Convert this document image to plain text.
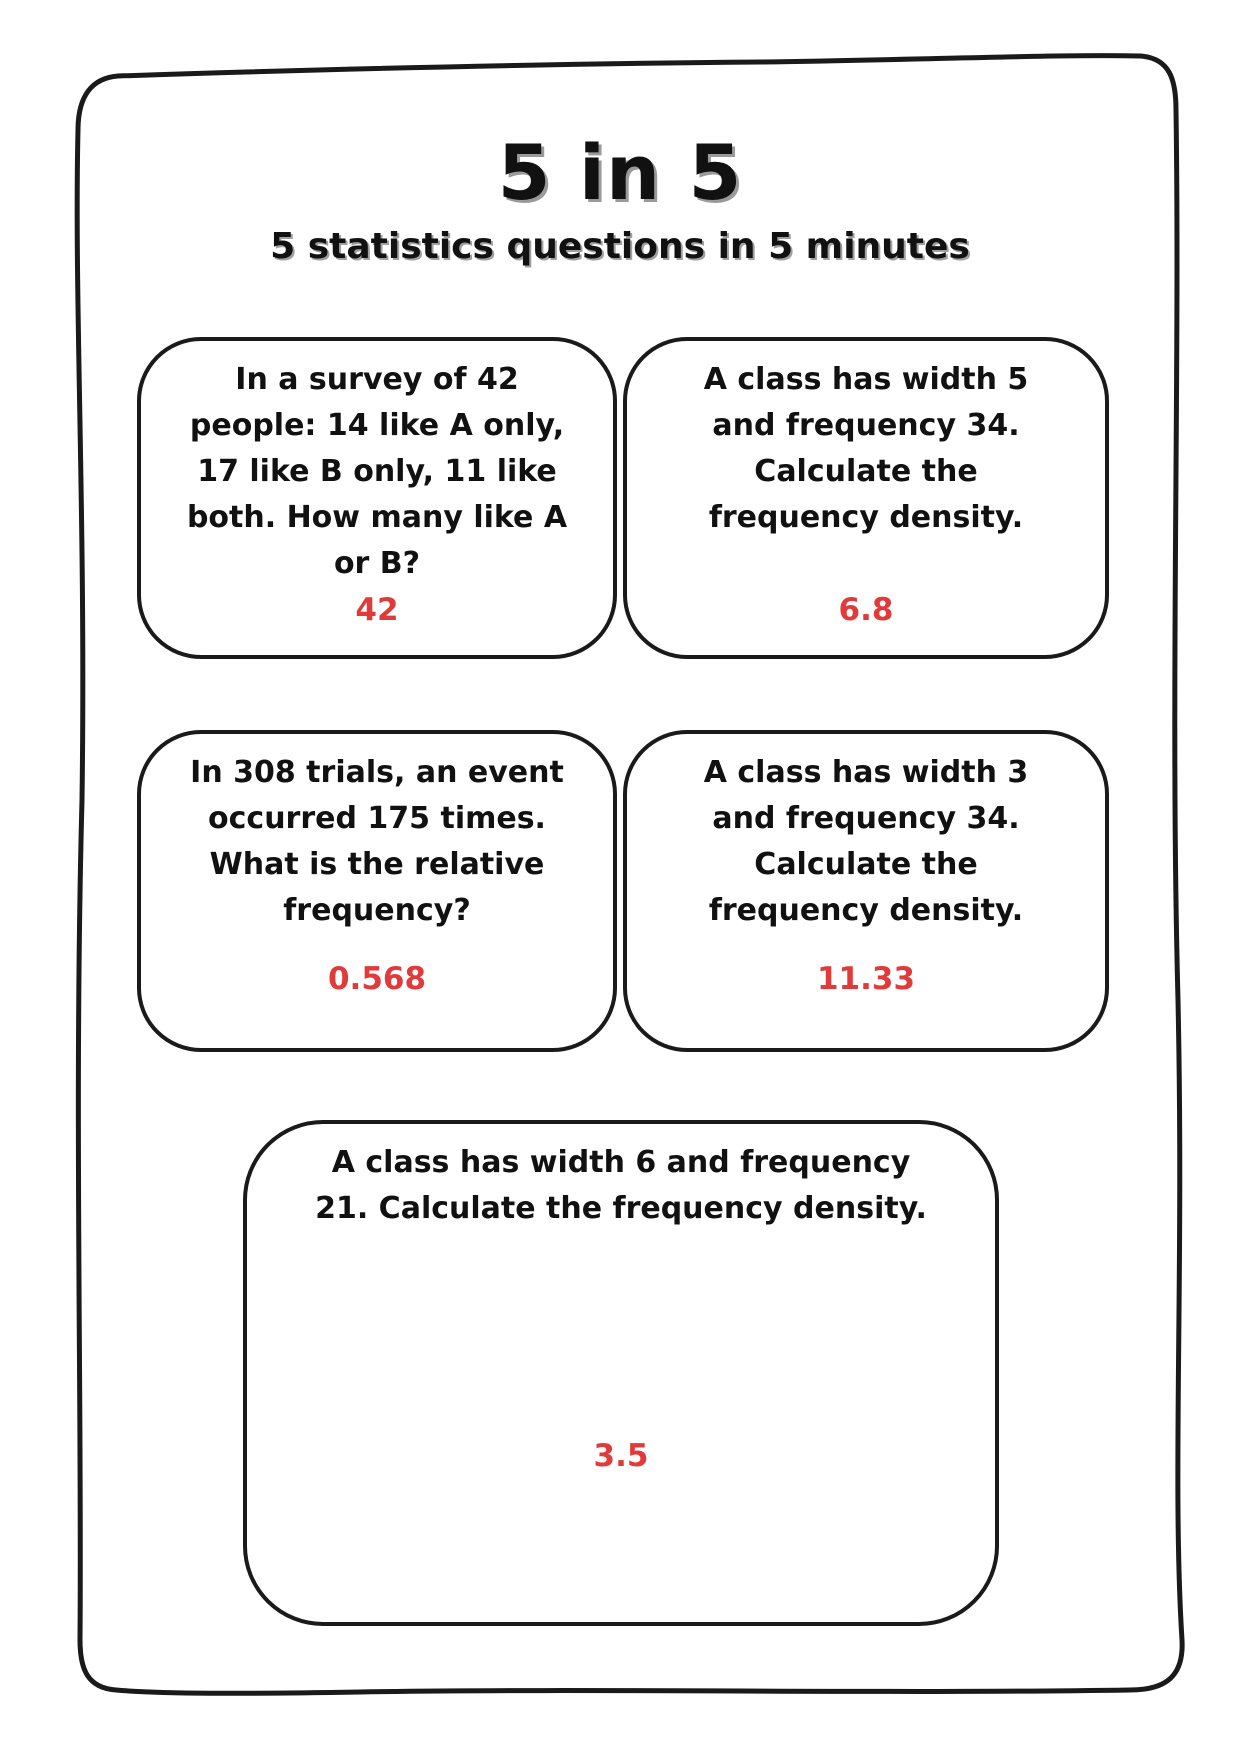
5 in 5
5 statistics questions in 5 minutes
In a survey of 42 people: 14 like A only, 17 like B only, 11 like both. How many like A or B?
42
A class has width 5 and frequency 34. Calculate the frequency density.
6.8
In 308 trials, an event occurred 175 times. What is the relative frequency?
0.568
A class has width 3 and frequency 34. Calculate the frequency density.
11.33
A class has width 6 and frequency 21. Calculate the frequency density.
3.5
